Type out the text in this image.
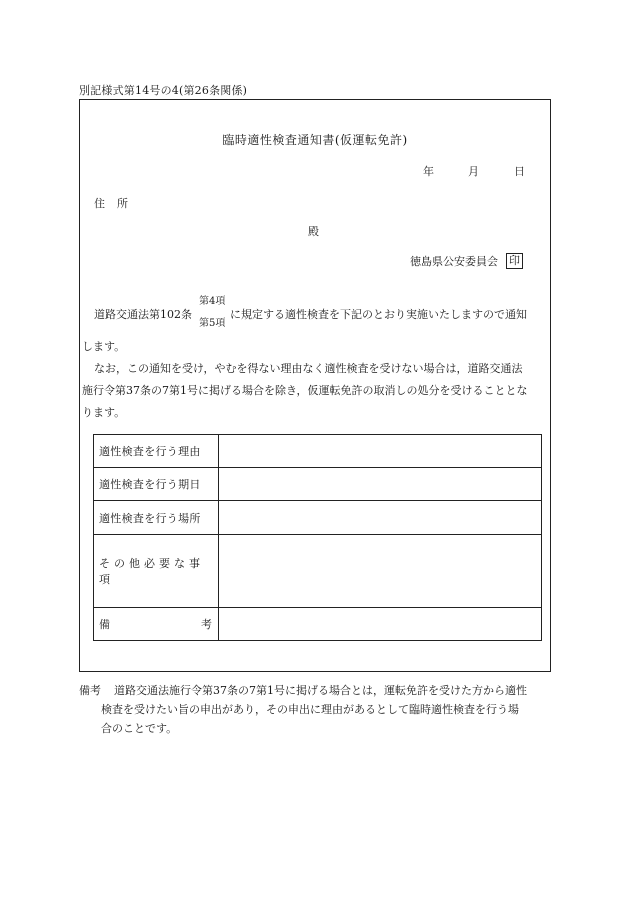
別記様式第14号の4(第26条関係)
臨時適性検査通知書(仮運転免許)
年	月	日
住 所
殿
徳島県公安委員会 印
道路交通法第102条
第4項
第5項
に規定する適性検査を下記のとおり実施いたしますので通知
します。
なお，この通知を受け，やむを得ない理由なく適性検査を受けない場合は，道路交通法
施行令第37条の7第1号に掲げる場合を除き，仮運転免許の取消しの処分を受けることとな
ります。
適性検査を行う理由	
適性検査を行う期日	
適性検査を行う場所	
その他必要な事項	
備 考	

備考 道路交通法施行令第37条の7第1号に掲げる場合とは，運転免許を受けた方から適性
検査を受けたい旨の申出があり，その申出に理由があるとして臨時適性検査を行う場
合のことです。
